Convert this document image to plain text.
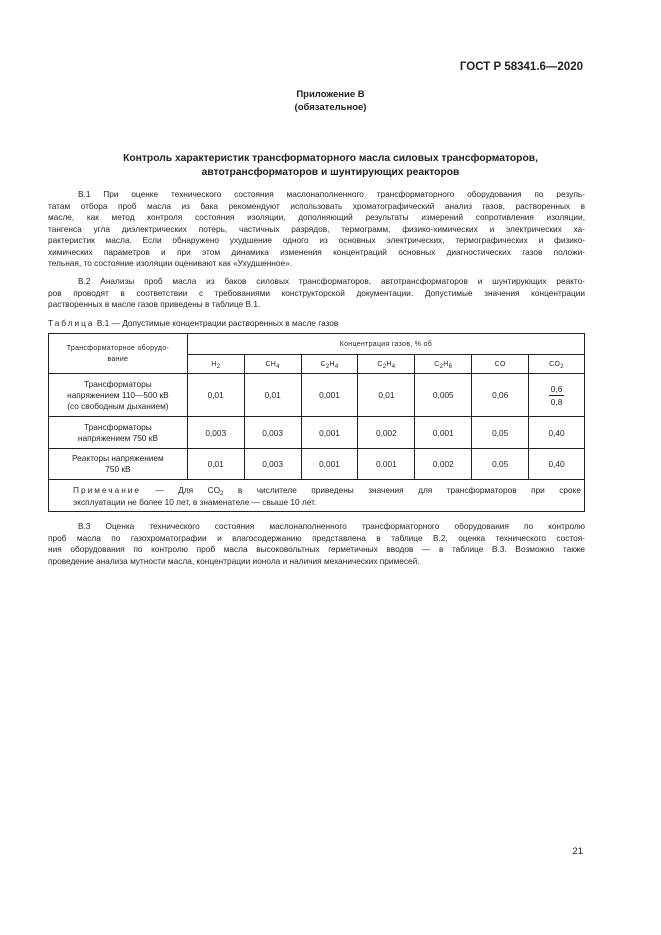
ГОСТ Р 58341.6—2020
Приложение В
(обязательное)
Контроль характеристик трансформаторного масла силовых трансформаторов,
автотрансформаторов и шунтирующих реакторов

В.1 При оценке технического состояния маслонаполненного трансформаторного оборудования по резуль-
татам отбора проб масла из бака рекомендуют использовать хроматографический анализ газов, растворенных в
масле, как метод контроля состояния изоляции, дополняющий результаты измерений сопротивления изоляции,
тангенса угла диэлектрических потерь, частичных разрядов, термограмм, физико-химических и электрических ха-
рактеристик масла. Если обнаружено ухудшение одного из основных электрических, термографических и физико-
химических параметров и при этом динамика изменения концентраций основных диагностических газов положи-
тельная, то состояние изоляции оценивают как «Ухудшенное».

В.2 Анализы проб масла из баков силовых трансформаторов, автотрансформаторов и шунтирующих реакто-
ров проводят в соответствии с требованиями конструкторской документации. Допустимые значения концентрации
растворенных в масле газов приведены в таблице В.1.

Таблица В.1 — Допустимые концентрации растворенных в масле газов
Трансформаторное оборудо-
вание	Концентрация газов, % об						
	$H_2$	$CH_4$	$C_2H_4$	$C_2H_4$	$C_2H_6$	CO	$CO_2$

Трансформаторы
напряжением 110—500 кВ
(со свободным дыханием)	0,01	0,01	0,001	0,01	0,005	0,06	$\frac{0,6}{0,8}$

Трансформаторы
напряжением 750 кВ	0,003	0,003	0,001	0,002	0,001	0,05	0,40

Реакторы напряжением
750 кВ	0,01	0,003	0,001	0,001	0,002	0,05	0,40

Примечание — Для $CO_2$ в числителе приведены значения для трансформаторов при сроке
эксплуатации не более 10 лет, в знаменателе — свыше 10 лет.							

В.3 Оценка технического состояния маслонаполненного трансформаторного оборудования по контролю
проб масла по газохроматографии и влагосодержанию представлена в таблице В.2, оценка технического состоя-
ния оборудования по контролю проб масла высоковольтных герметичных вводов — в таблице В.3. Возможно также
проведение анализа мутности масла, концентрации ионола и наличия механических примесей.

21
